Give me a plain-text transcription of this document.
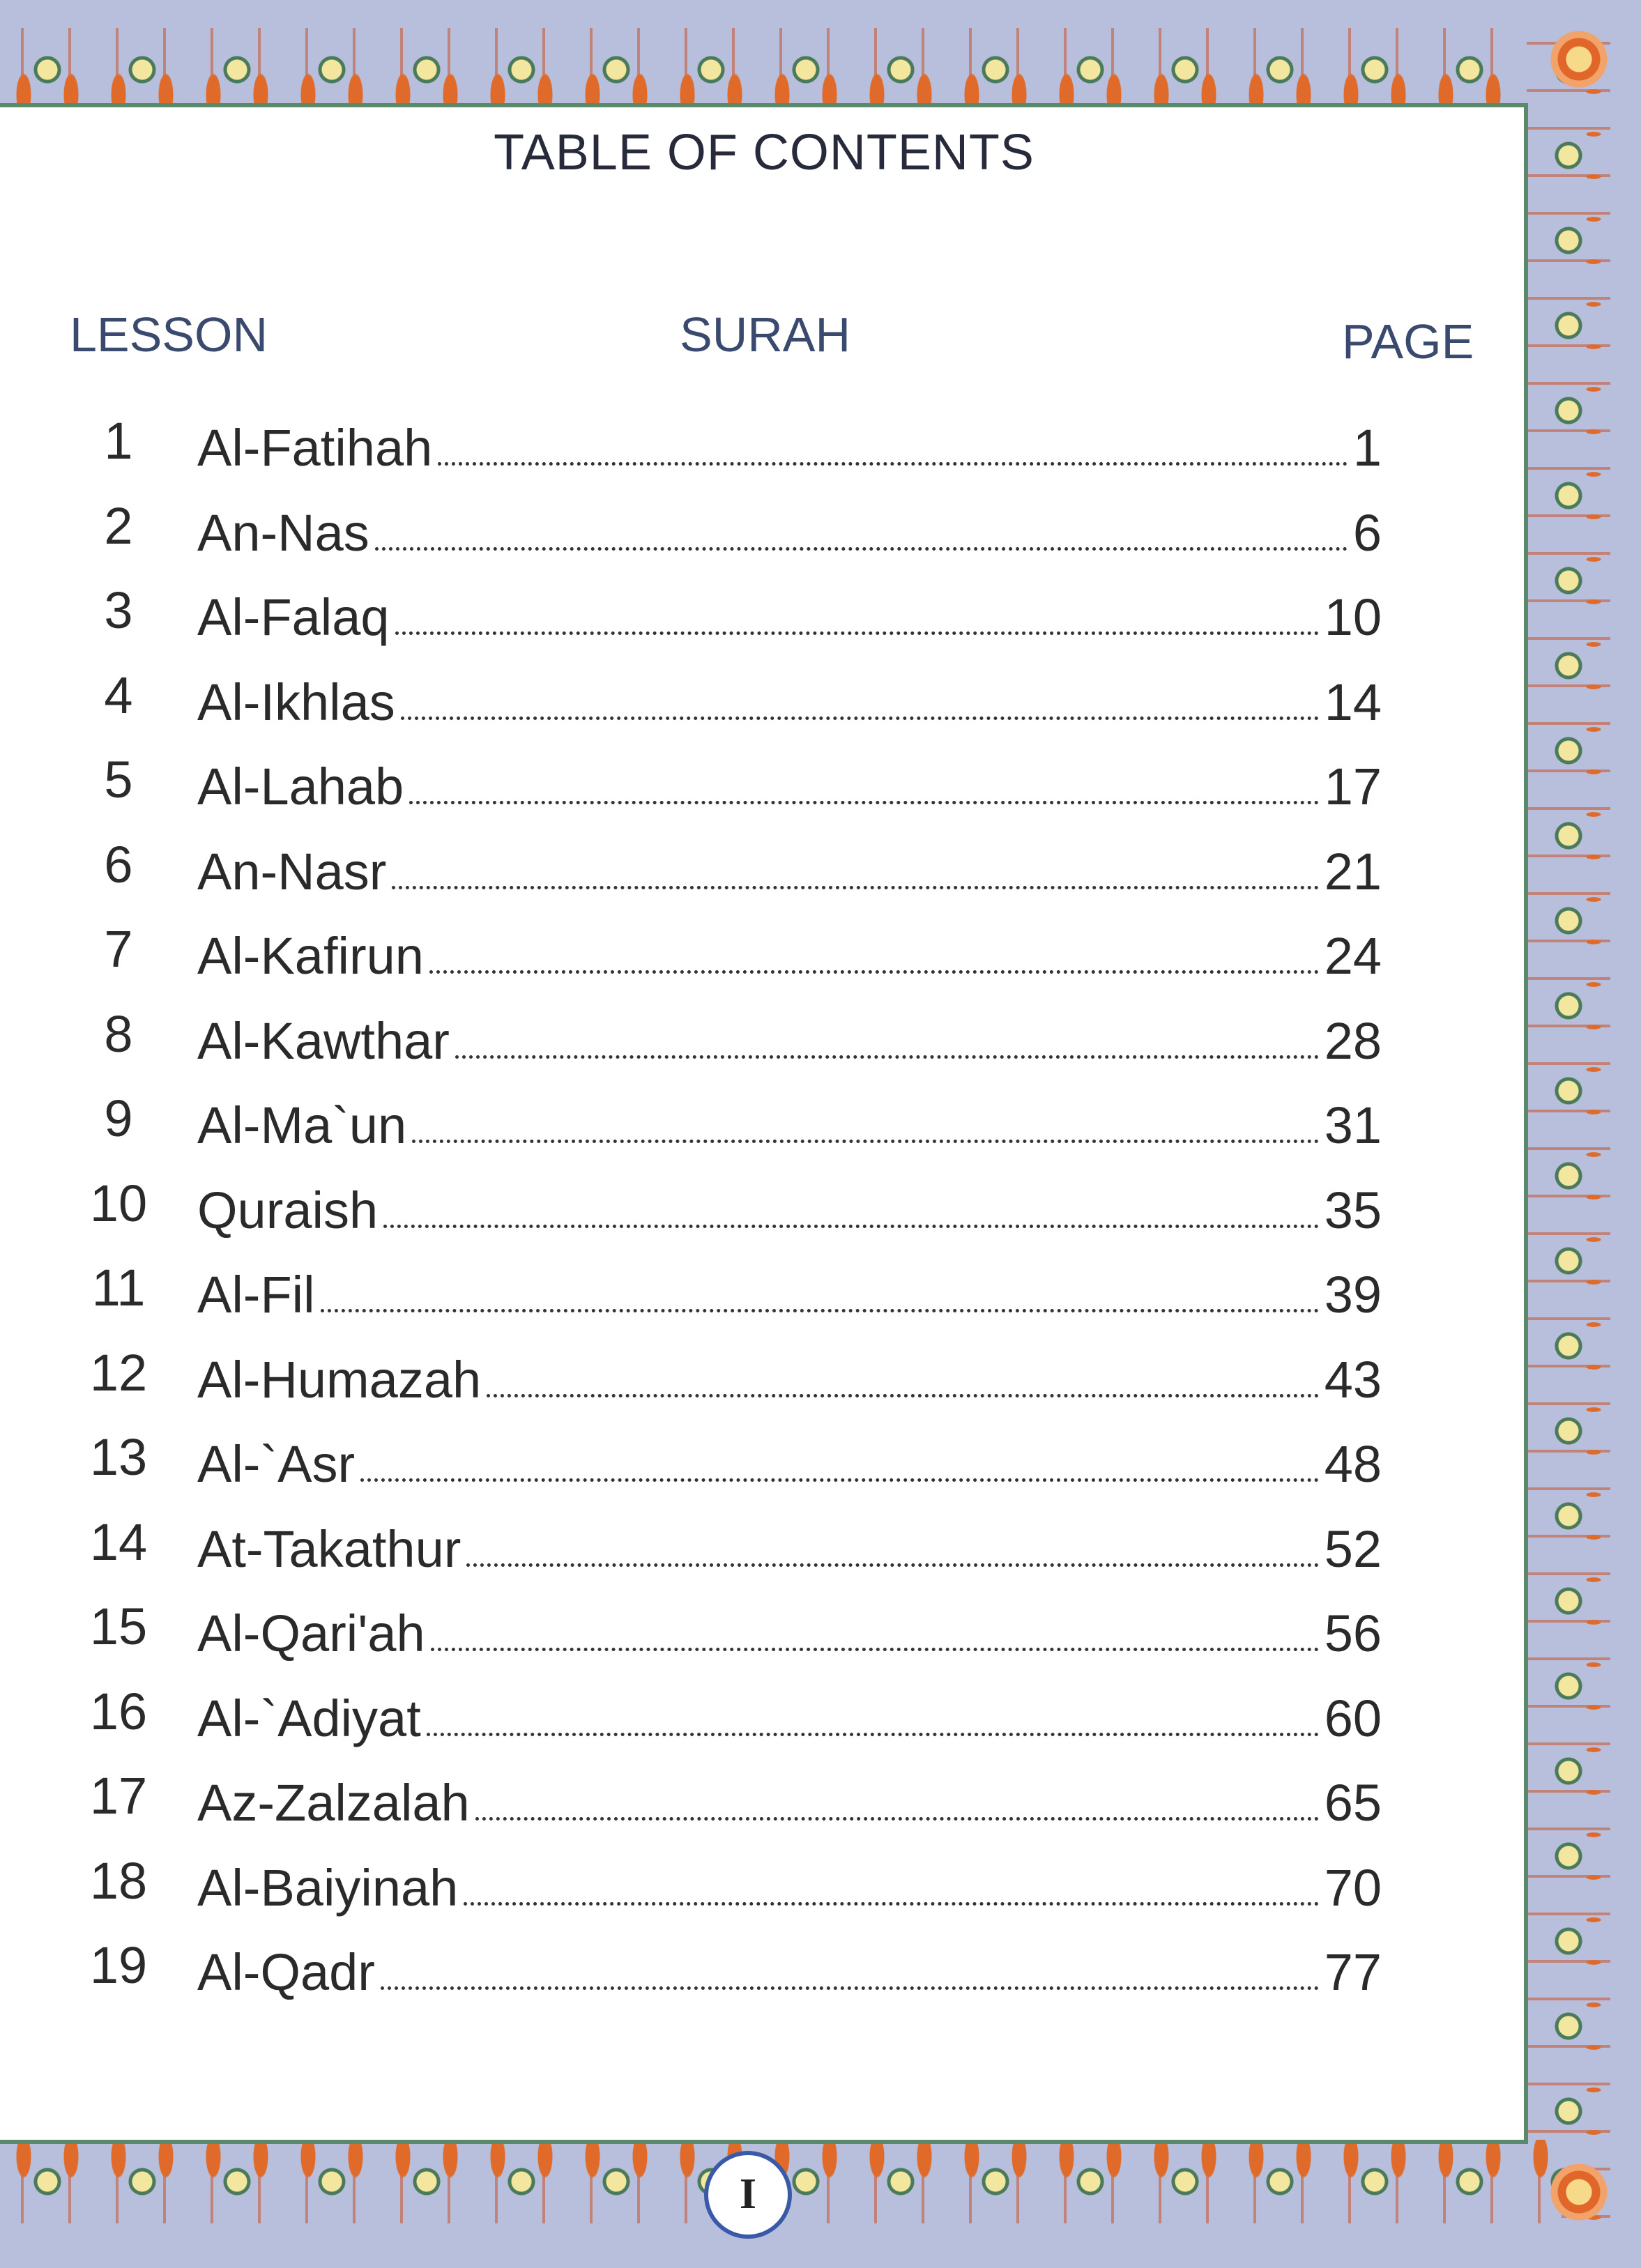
TABLE OF CONTENTS
LESSON	SURAH	PAGE
1	Al-Fatihah	1
2	An-Nas	6
3	Al-Falaq	10
4	Al-Ikhlas	14
5	Al-Lahab	17
6	An-Nasr	21
7	Al-Kafirun	24
8	Al-Kawthar	28
9	Al-Ma`un	31
10 Quraish	35
11	Al-Fil	39
12 Al-Humazah	43
13 Al-`Asr	48
14 At-Takathur	52
15 Al-Qari'ah	56
16 Al-`Adiyat	60
17 Az-Zalzalah	65
18 Al-Baiyinah	70
19 Al-Qadr	77
I
